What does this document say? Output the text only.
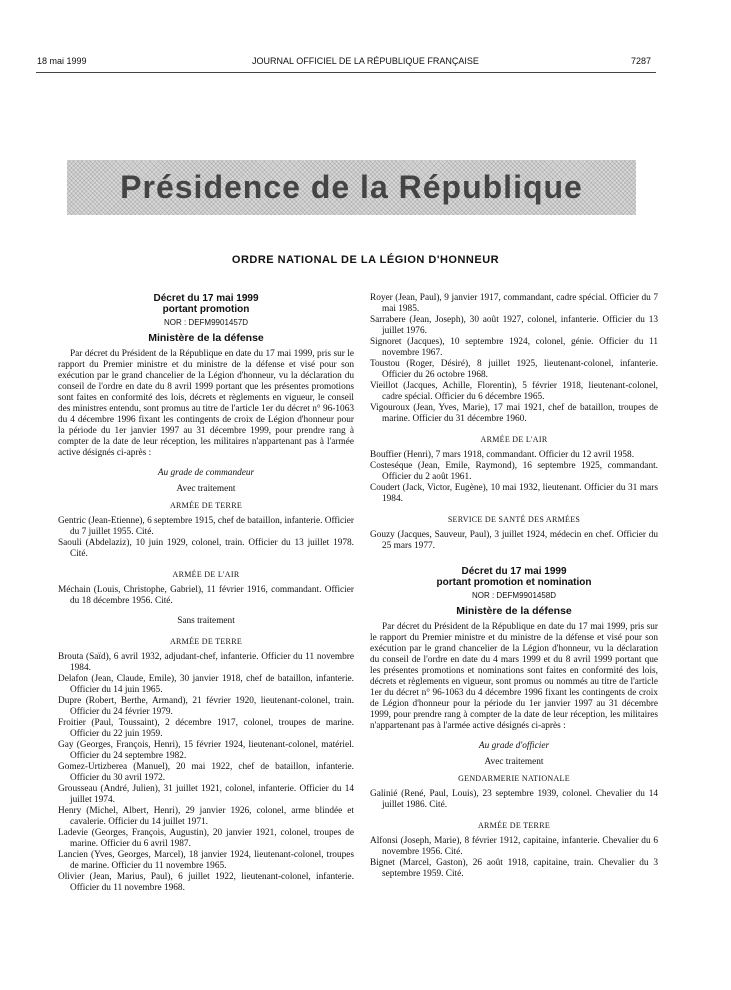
18 mai 1999	JOURNAL OFFICIEL DE LA RÉPUBLIQUE FRANÇAISE	7287
Présidence de la République
ORDRE NATIONAL DE LA LÉGION D'HONNEUR
Décret du 17 mai 1999
portant promotion
NOR : DEFM9901457D
Ministère de la défense
Par décret du Président de la République en date du 17 mai 1999, pris sur le rapport du Premier ministre et du ministre de la défense et visé pour son exécution par le grand chancelier de la Légion d'honneur, vu la déclaration du conseil de l'ordre en date du 8 avril 1999 portant que les présentes promotions sont faites en conformité des lois, décrets et règlements en vigueur, le conseil des ministres entendu, sont promus au titre de l'article 1er du décret n° 96-1063 du 4 décembre 1996 fixant les contingents de croix de Légion d'honneur pour la période du 1er janvier 1997 au 31 décembre 1999, pour prendre rang à compter de la date de leur réception, les militaires n'appartenant pas à l'armée active désignés ci-après :
Au grade de commandeur
Avec traitement
ARMÉE DE TERRE

Gentric (Jean-Etienne), 6 septembre 1915, chef de bataillon, infanterie. Officier du 7 juillet 1955. Cité.

Saouli (Abdelaziz), 10 juin 1929, colonel, train. Officier du 13 juillet 1978. Cité.

ARMÉE DE L'AIR

Méchain (Louis, Christophe, Gabriel), 11 février 1916, commandant. Officier du 18 décembre 1956. Cité.

Sans traitement
ARMÉE DE TERRE

Brouta (Saïd), 6 avril 1932, adjudant-chef, infanterie. Officier du 11 novembre 1984.

Delafon (Jean, Claude, Emile), 30 janvier 1918, chef de bataillon, infanterie. Officier du 14 juin 1965.

Dupre (Robert, Berthe, Armand), 21 février 1920, lieutenant-colonel, train. Officier du 24 février 1979.

Froitier (Paul, Toussaint), 2 décembre 1917, colonel, troupes de marine. Officier du 22 juin 1959.

Gay (Georges, François, Henri), 15 février 1924, lieutenant-colonel, matériel. Officier du 24 septembre 1982.

Gomez-Urtizberea (Manuel), 20 mai 1922, chef de bataillon, infanterie. Officier du 30 avril 1972.

Grousseau (André, Julien), 31 juillet 1921, colonel, infanterie. Officier du 14 juillet 1974.

Henry (Michel, Albert, Henri), 29 janvier 1926, colonel, arme blindée et cavalerie. Officier du 14 juillet 1971.

Ladevie (Georges, François, Augustin), 20 janvier 1921, colonel, troupes de marine. Officier du 6 avril 1987.

Lancien (Yves, Georges, Marcel), 18 janvier 1924, lieutenant-colonel, troupes de marine. Officier du 11 novembre 1965.

Olivier (Jean, Marius, Paul), 6 juillet 1922, lieutenant-colonel, infanterie. Officier du 11 novembre 1968.

Royer (Jean, Paul), 9 janvier 1917, commandant, cadre spécial. Officier du 7 mai 1985.

Sarrabere (Jean, Joseph), 30 août 1927, colonel, infanterie. Officier du 13 juillet 1976.

Signoret (Jacques), 10 septembre 1924, colonel, génie. Officier du 11 novembre 1967.

Toustou (Roger, Désiré), 8 juillet 1925, lieutenant-colonel, infanterie. Officier du 26 octobre 1968.

Vieillot (Jacques, Achille, Florentin), 5 février 1918, lieutenant-colonel, cadre spécial. Officier du 6 décembre 1965.

Vigouroux (Jean, Yves, Marie), 17 mai 1921, chef de bataillon, troupes de marine. Officier du 31 décembre 1960.

ARMÉE DE L'AIR

Bouffier (Henri), 7 mars 1918, commandant. Officier du 12 avril 1958.

Costeséque (Jean, Emile, Raymond), 16 septembre 1925, commandant. Officier du 2 août 1961.

Coudert (Jack, Victor, Eugène), 10 mai 1932, lieutenant. Officier du 31 mars 1984.

SERVICE DE SANTÉ DES ARMÉES

Gouzy (Jacques, Sauveur, Paul), 3 juillet 1924, médecin en chef. Officier du 25 mars 1977.

Décret du 17 mai 1999
portant promotion et nomination
NOR : DEFM9901458D
Ministère de la défense
Par décret du Président de la République en date du 17 mai 1999, pris sur le rapport du Premier ministre et du ministre de la défense et visé pour son exécution par le grand chancelier de la Légion d'honneur, vu la déclaration du conseil de l'ordre en date du 4 mars 1999 et du 8 avril 1999 portant que les présentes promotions et nominations sont faites en conformité des lois, décrets et règlements en vigueur, sont promus ou nommés au titre de l'article 1er du décret n° 96-1063 du 4 décembre 1996 fixant les contingents de croix de Légion d'honneur pour la période du 1er janvier 1997 au 31 décembre 1999, pour prendre rang à compter de la date de leur réception, les militaires n'appartenant pas à l'armée active désignés ci-après :
Au grade d'officier
Avec traitement
GENDARMERIE NATIONALE

Galinié (René, Paul, Louis), 23 septembre 1939, colonel. Chevalier du 14 juillet 1986. Cité.

ARMÉE DE TERRE

Alfonsi (Joseph, Marie), 8 février 1912, capitaine, infanterie. Chevalier du 6 novembre 1956. Cité.

Bignet (Marcel, Gaston), 26 août 1918, capitaine, train. Chevalier du 3 septembre 1959. Cité.
